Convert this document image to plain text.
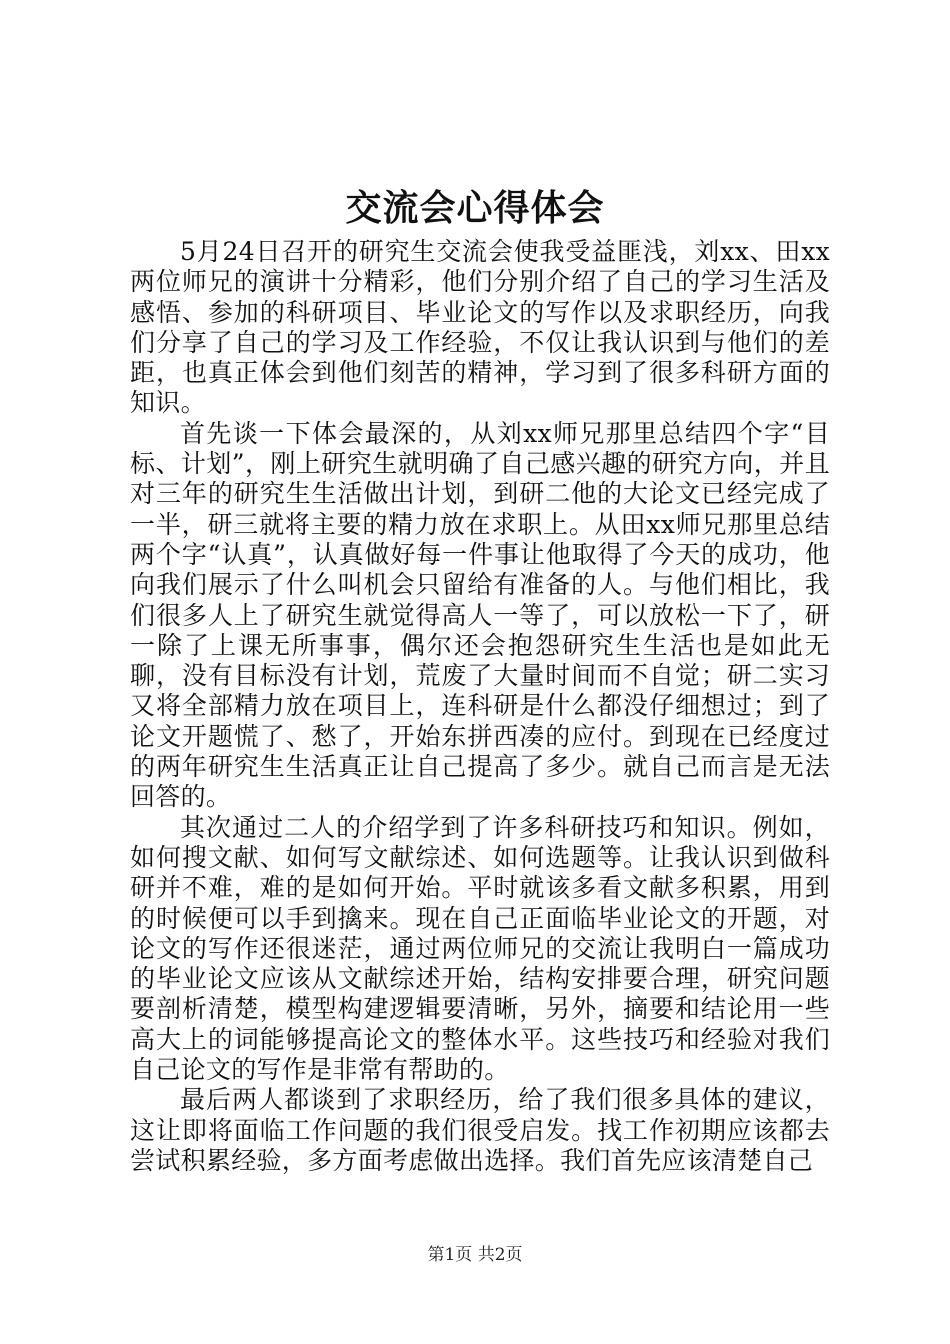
交流会心得体会

5月24日召开的研究生交流会使我受益匪浅，刘xx、田xx两位师兄的演讲十分精彩，他们分别介绍了自己的学习生活及感悟、参加的科研项目、毕业论文的写作以及求职经历，向我们分享了自己的学习及工作经验，不仅让我认识到与他们的差距，也真正体会到他们刻苦的精神，学习到了很多科研方面的知识。

首先谈一下体会最深的，从刘xx师兄那里总结四个字“目标、计划”，刚上研究生就明确了自己感兴趣的研究方向，并且对三年的研究生生活做出计划，到研二他的大论文已经完成了一半，研三就将主要的精力放在求职上。从田xx师兄那里总结两个字“认真”，认真做好每一件事让他取得了今天的成功，他向我们展示了什么叫机会只留给有准备的人。与他们相比，我们很多人上了研究生就觉得高人一等了，可以放松一下了，研一除了上课无所事事，偶尔还会抱怨研究生生活也是如此无聊，没有目标没有计划，荒废了大量时间而不自觉；研二实习又将全部精力放在项目上，连科研是什么都没仔细想过；到了论文开题慌了、愁了，开始东拼西凑的应付。到现在已经度过的两年研究生生活真正让自己提高了多少。就自己而言是无法回答的。

其次通过二人的介绍学到了许多科研技巧和知识。例如，如何搜文献、如何写文献综述、如何选题等。让我认识到做科研并不难，难的是如何开始。平时就该多看文献多积累，用到的时候便可以手到擒来。现在自己正面临毕业论文的开题，对论文的写作还很迷茫，通过两位师兄的交流让我明白一篇成功的毕业论文应该从文献综述开始，结构安排要合理，研究问题要剖析清楚，模型构建逻辑要清晰，另外，摘要和结论用一些高大上的词能够提高论文的整体水平。这些技巧和经验对我们自己论文的写作是非常有帮助的。

最后两人都谈到了求职经历，给了我们很多具体的建议，这让即将面临工作问题的我们很受启发。找工作初期应该都去尝试积累经验，多方面考虑做出选择。我们首先应该清楚自己

第1页 共2页
